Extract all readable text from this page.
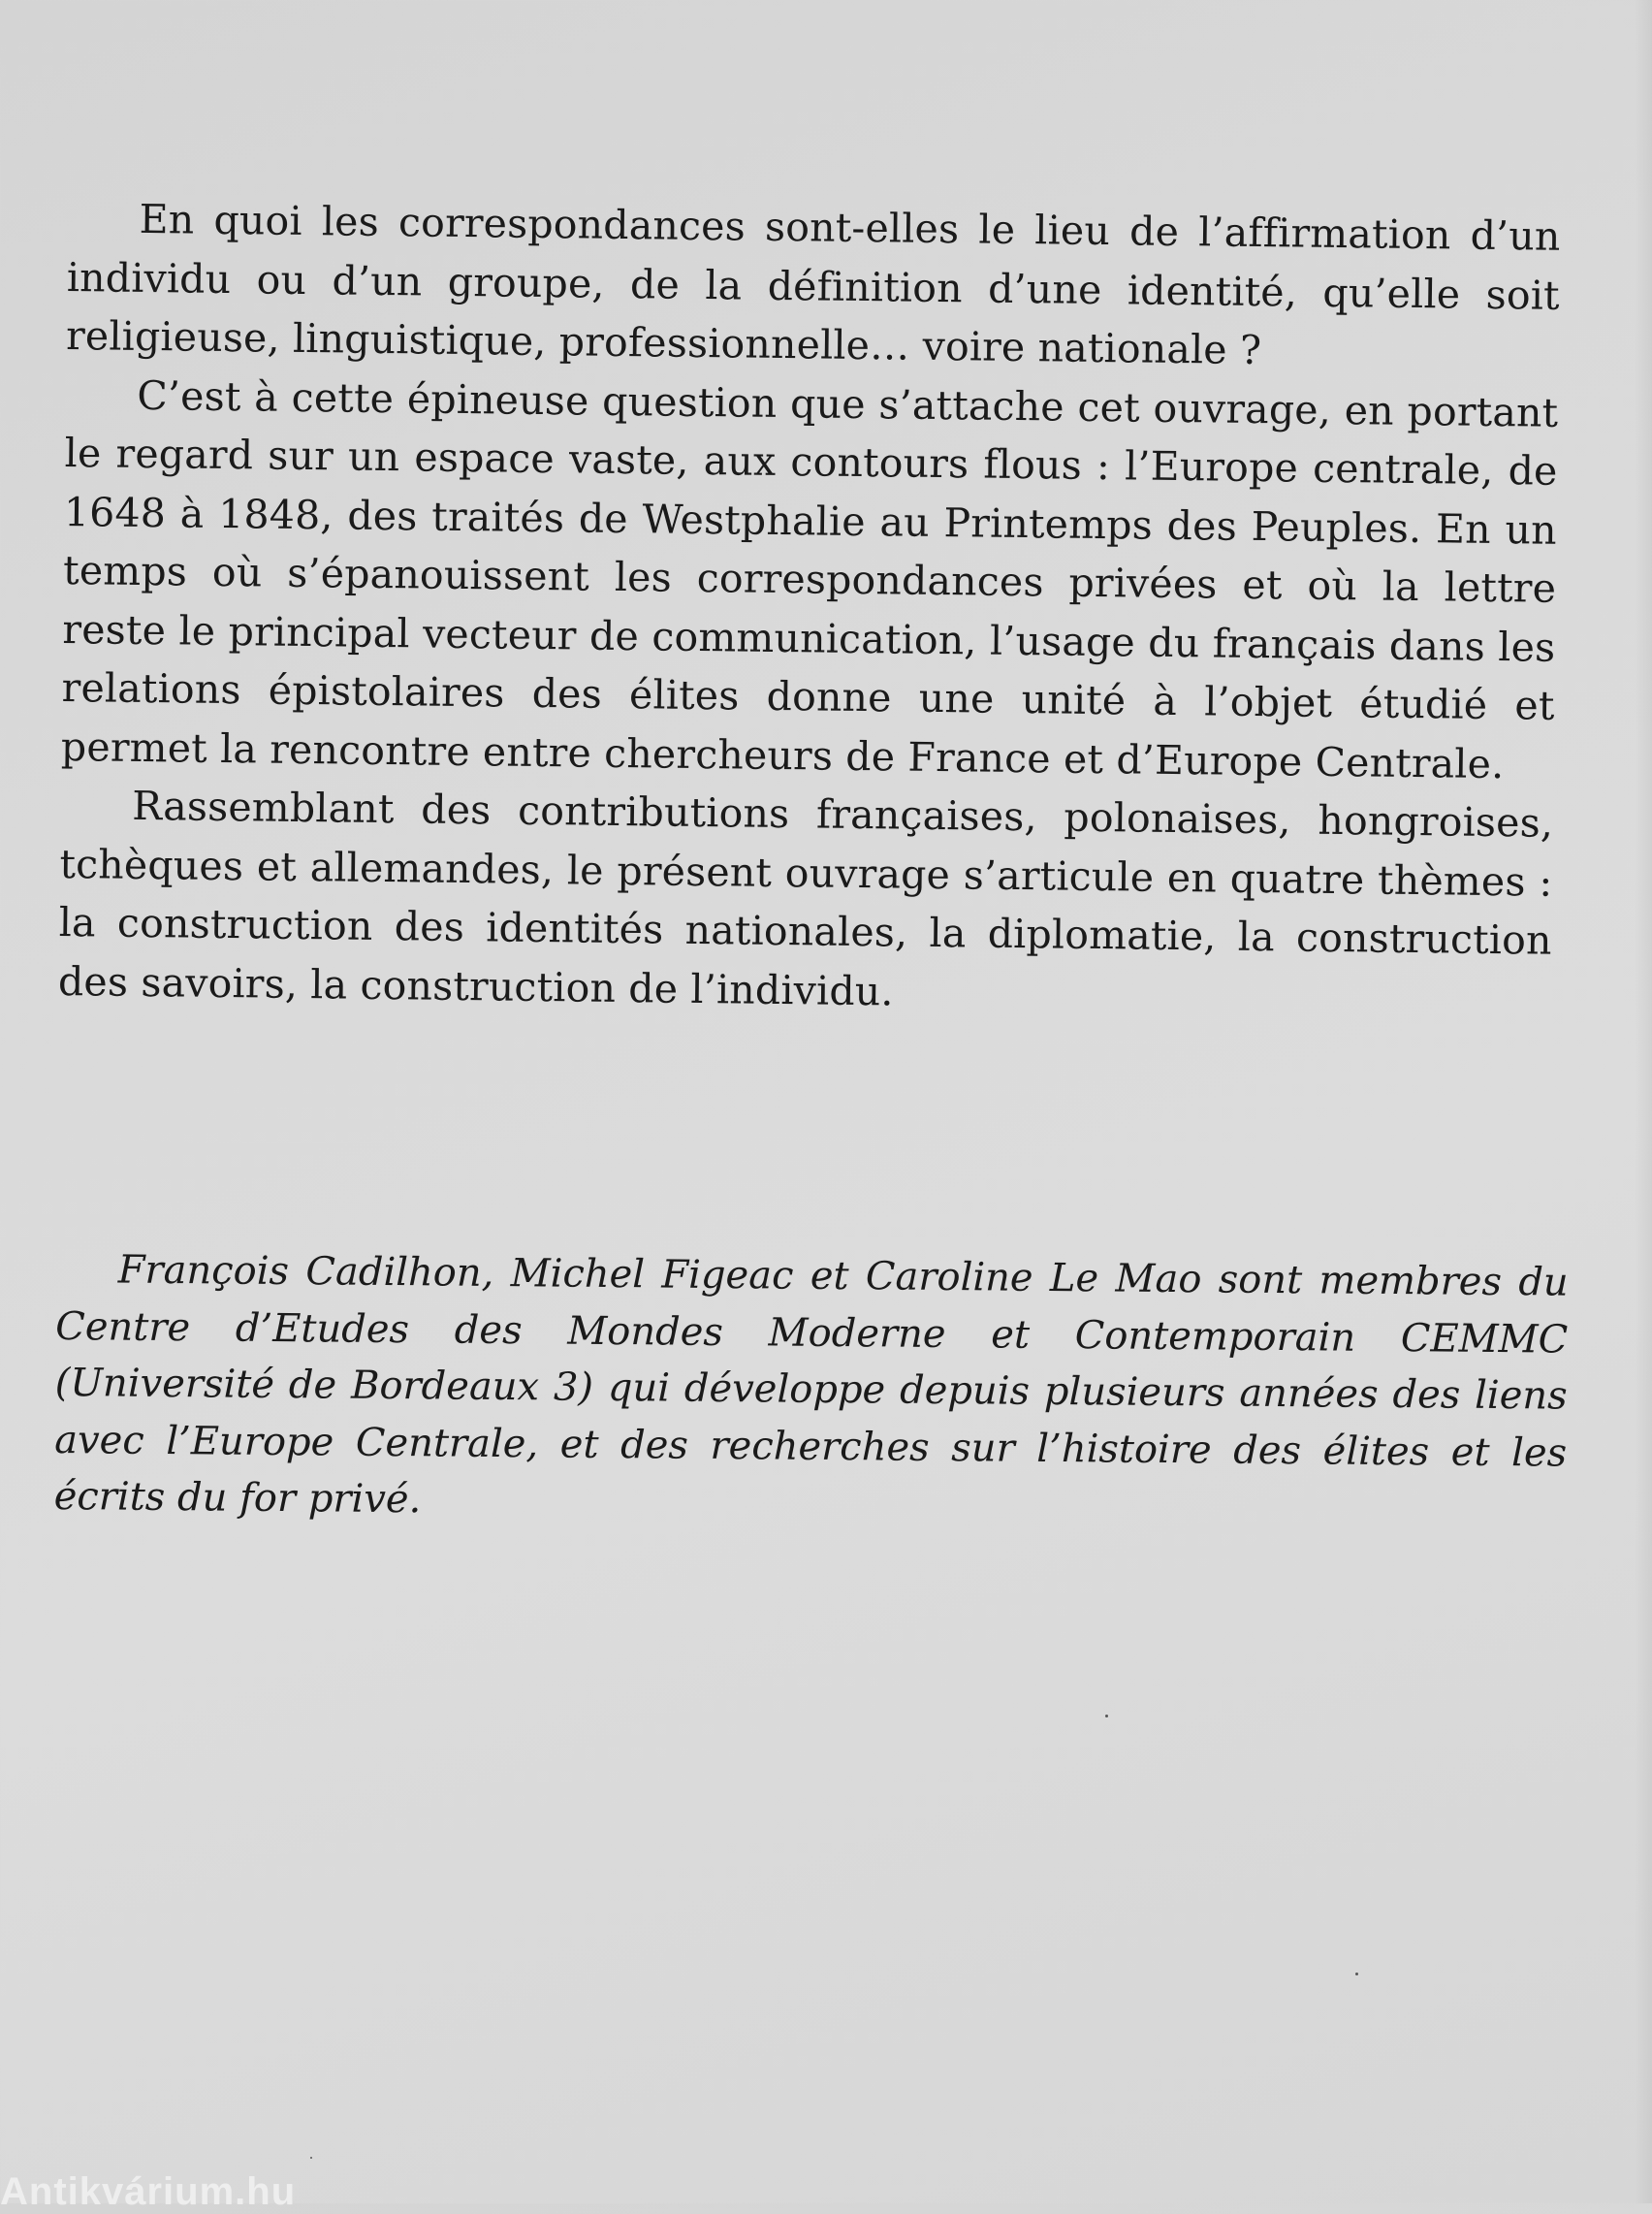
En quoi les correspondances sont-elles le lieu de l’affirmation d’un individu ou d’un groupe, de la définition d’une identité, qu’elle soit religieuse, linguistique, professionnelle… voire nationale ?

C’est à cette épineuse question que s’attache cet ouvrage, en portant le regard sur un espace vaste, aux contours flous : l’Europe centrale, de 1648 à 1848, des traités de Westphalie au Printemps des Peuples. En un temps où s’épanouissent les correspondances privées et où la lettre reste le principal vecteur de communication, l’usage du français dans les relations épistolaires des élites donne une unité à l’objet étudié et permet la rencontre entre chercheurs de France et d’Europe Centrale.

Rassemblant des contributions françaises, polonaises, hongroises, tchèques et allemandes, le présent ouvrage s’articule en quatre thèmes : la construction des identités nationales, la diplomatie, la construction des savoirs, la construction de l’individu.

François Cadilhon, Michel Figeac et Caroline Le Mao sont membres du Centre d’Etudes des Mondes Moderne et Contemporain CEMMC (Université de Bordeaux 3) qui développe depuis plusieurs années des liens avec l’Europe Centrale, et des recherches sur l’histoire des élites et les écrits du for privé.

Antikvárium.hu
